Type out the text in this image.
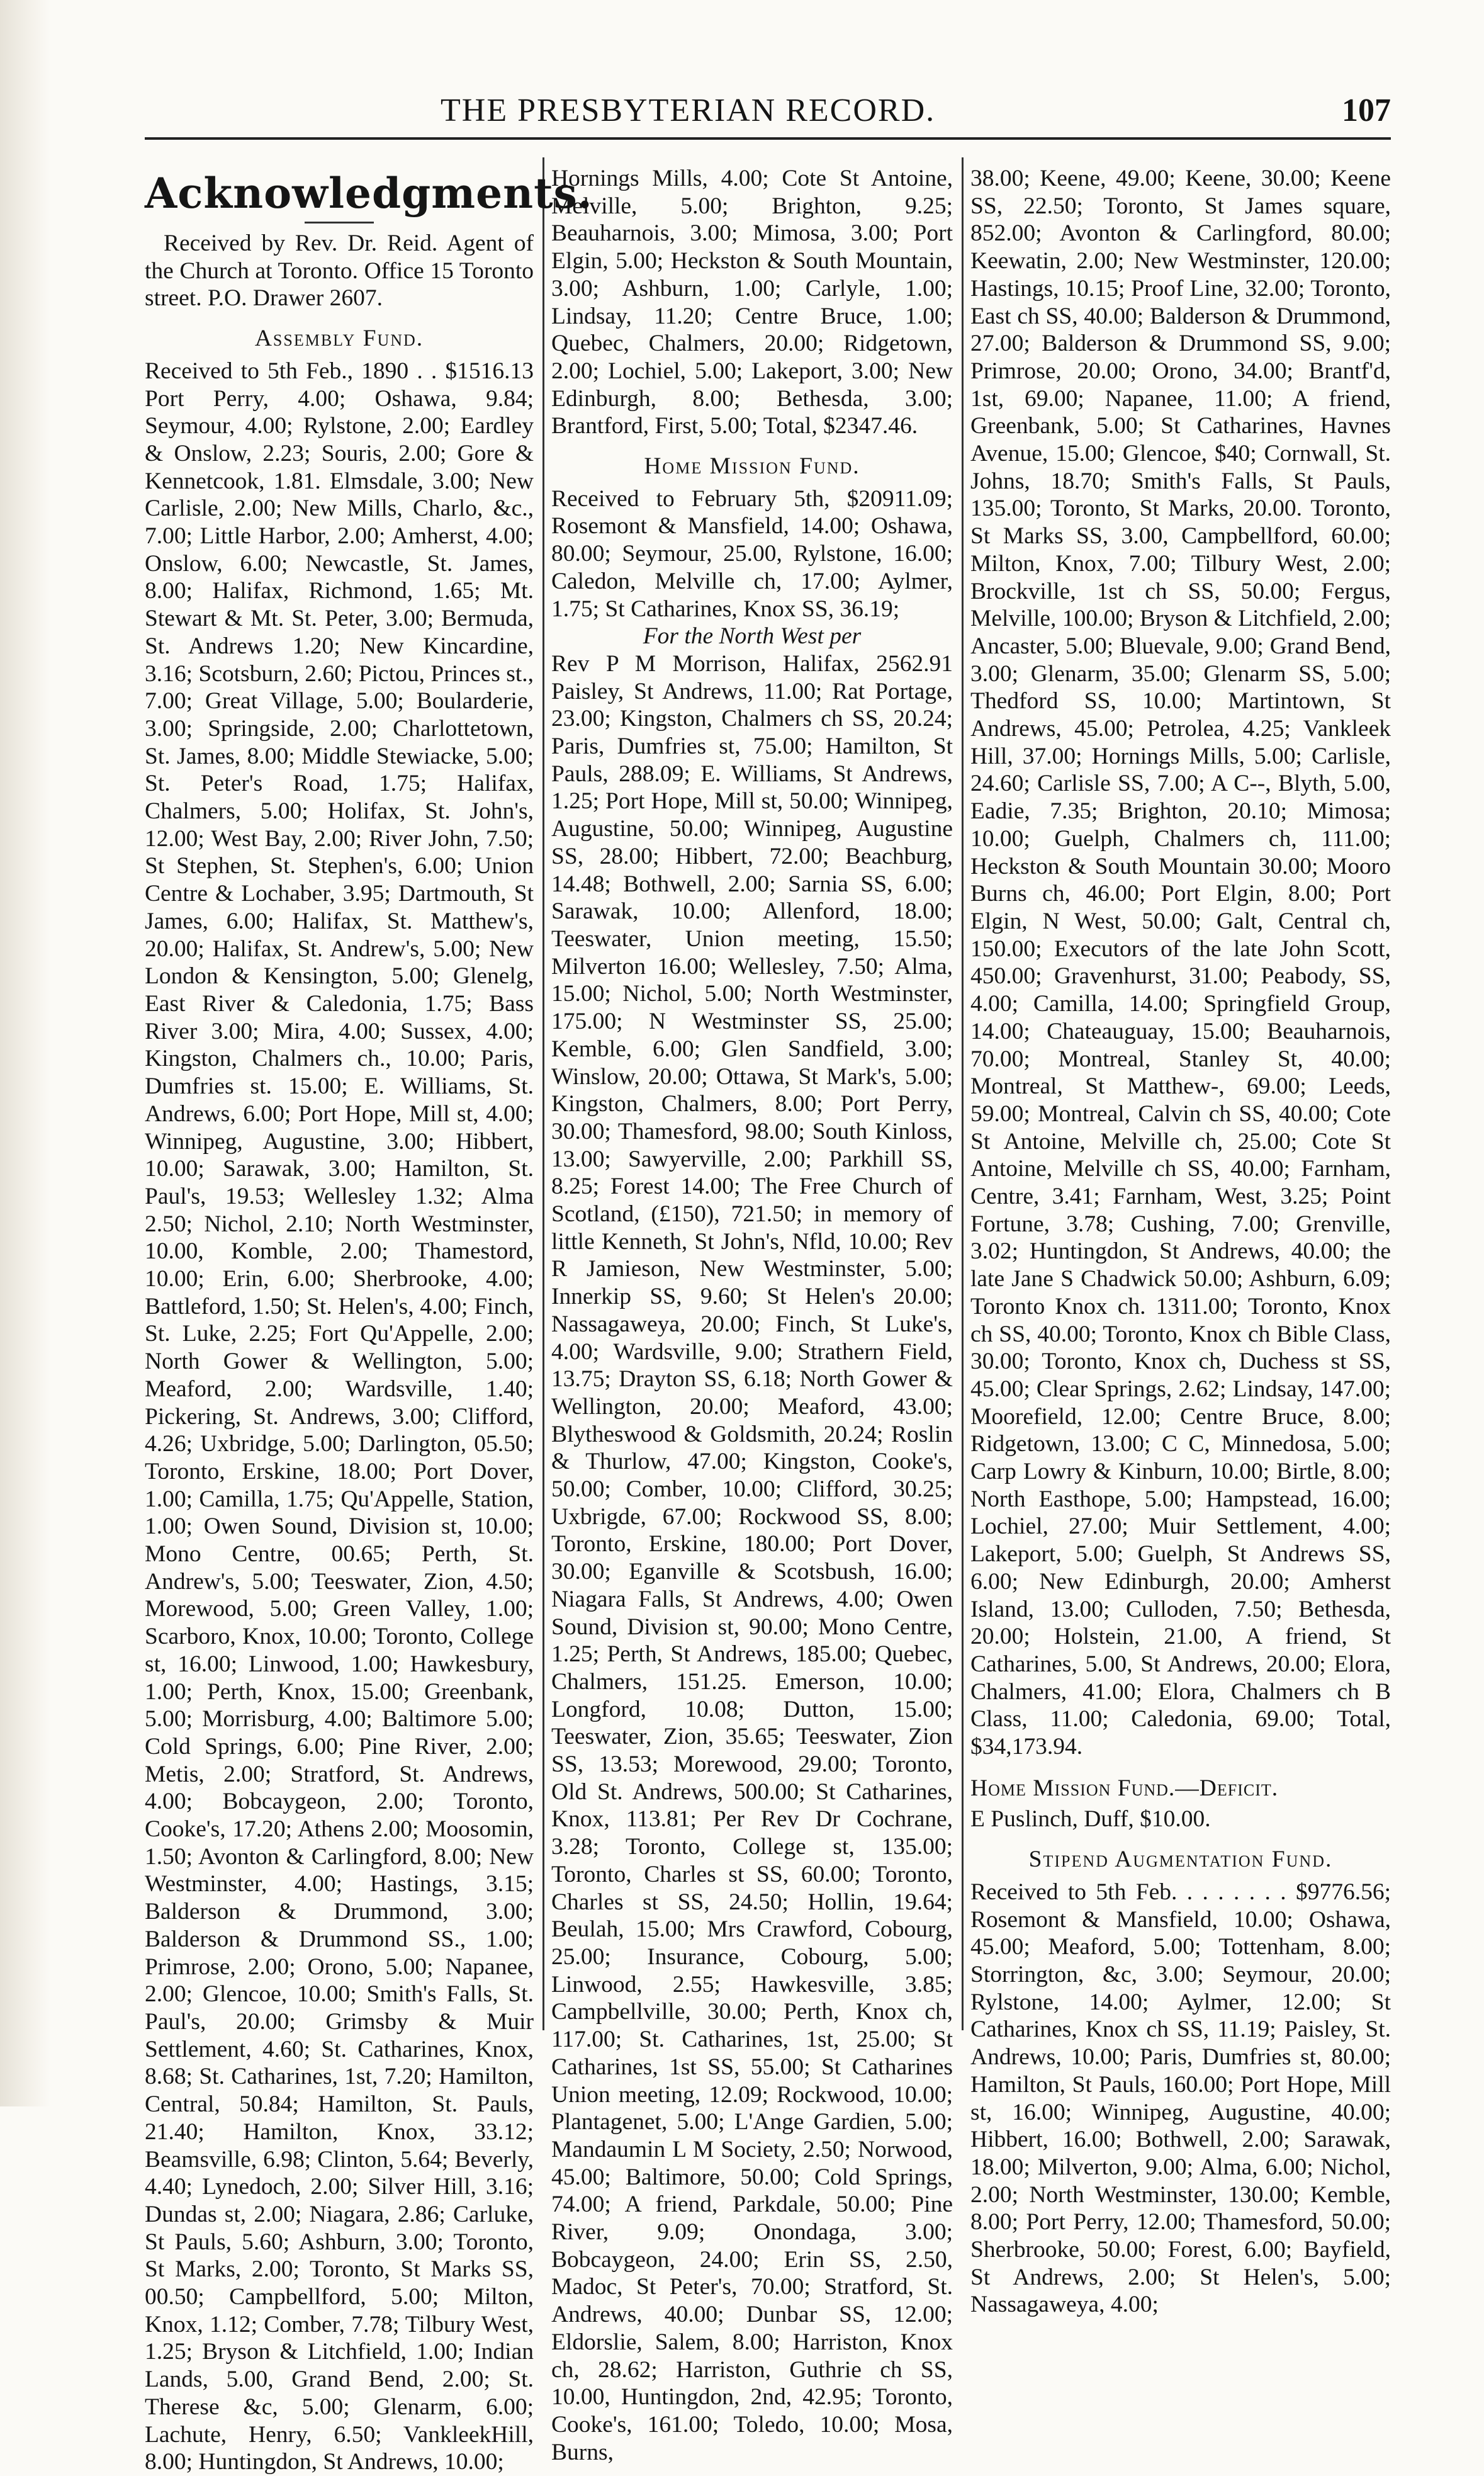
THE PRESBYTERIAN RECORD.	107

Acknowledgments.

Received by Rev. Dr. Reid. Agent of the Church at Toronto. Office 15 Toronto street. P.O. Drawer 2607.

Assembly Fund.

Received to 5th Feb., 1890 . . $1516.13 Port Perry, 4.00; Oshawa, 9.84; Seymour, 4.00; Rylstone, 2.00; Eardley & Onslow, 2.23; Souris, 2.00; Gore & Kennetcook, 1.81. Elmsdale, 3.00; New Carlisle, 2.00; New Mills, Charlo, &c., 7.00; Little Harbor, 2.00; Amherst, 4.00; Onslow, 6.00; Newcastle, St. James, 8.00; Halifax, Richmond, 1.65; Mt. Stewart & Mt. St. Peter, 3.00; Bermuda, St. Andrews 1.20; New Kincardine, 3.16; Scotsburn, 2.60; Pictou, Princes st., 7.00; Great Village, 5.00; Boularderie, 3.00; Springside, 2.00; Charlottetown, St. James, 8.00; Middle Stewiacke, 5.00; St. Peter's Road, 1.75; Halifax, Chalmers, 5.00; Holifax, St. John's, 12.00; West Bay, 2.00; River John, 7.50; St Stephen, St. Stephen's, 6.00; Union Centre & Lochaber, 3.95; Dartmouth, St James, 6.00; Halifax, St. Matthew's, 20.00; Halifax, St. Andrew's, 5.00; New London & Kensington, 5.00; Glenelg, East River & Caledonia, 1.75; Bass River 3.00; Mira, 4.00; Sussex, 4.00; Kingston, Chalmers ch., 10.00; Paris, Dumfries st. 15.00; E. Williams, St. Andrews, 6.00; Port Hope, Mill st, 4.00; Winnipeg, Augustine, 3.00; Hibbert, 10.00; Sarawak, 3.00; Hamilton, St. Paul's, 19.53; Wellesley 1.32; Alma 2.50; Nichol, 2.10; North Westminster, 10.00, Komble, 2.00; Thamestord, 10.00; Erin, 6.00; Sherbrooke, 4.00; Battleford, 1.50; St. Helen's, 4.00; Finch, St. Luke, 2.25; Fort Qu'Appelle, 2.00; North Gower & Wellington, 5.00; Meaford, 2.00; Wardsville, 1.40; Pickering, St. Andrews, 3.00; Clifford, 4.26; Uxbridge, 5.00; Darlington, 05.50; Toronto, Erskine, 18.00; Port Dover, 1.00; Camilla, 1.75; Qu'Appelle, Station, 1.00; Owen Sound, Division st, 10.00; Mono Centre, 00.65; Perth, St. Andrew's, 5.00; Teeswater, Zion, 4.50; Morewood, 5.00; Green Valley, 1.00; Scarboro, Knox, 10.00; Toronto, College st, 16.00; Linwood, 1.00; Hawkesbury, 1.00; Perth, Knox, 15.00; Greenbank, 5.00; Morrisburg, 4.00; Baltimore 5.00; Cold Springs, 6.00; Pine River, 2.00; Metis, 2.00; Stratford, St. Andrews, 4.00; Bobcaygeon, 2.00; Toronto, Cooke's, 17.20; Athens 2.00; Moosomin, 1.50; Avonton & Carlingford, 8.00; New Westminster, 4.00; Hastings, 3.15; Balderson & Drummond, 3.00; Balderson & Drummond SS., 1.00; Primrose, 2.00; Orono, 5.00; Napanee, 2.00; Glencoe, 10.00; Smith's Falls, St. Paul's, 20.00; Grimsby & Muir Settlement, 4.60; St. Catharines, Knox, 8.68; St. Catharines, 1st, 7.20; Hamilton, Central, 50.84; Hamilton, St. Pauls, 21.40; Hamilton, Knox, 33.12; Beamsville, 6.98; Clinton, 5.64; Beverly, 4.40; Lynedoch, 2.00; Silver Hill, 3.16; Dundas st, 2.00; Niagara, 2.86; Carluke, St Pauls, 5.60; Ashburn, 3.00; Toronto, St Marks, 2.00; Toronto, St Marks SS, 00.50; Campbellford, 5.00; Milton, Knox, 1.12; Comber, 7.78; Tilbury West, 1.25; Bryson & Litchfield, 1.00; Indian Lands, 5.00, Grand Bend, 2.00; St. Therese &c, 5.00; Glenarm, 6.00; Lachute, Henry, 6.50; VankleekHill, 8.00; Huntingdon, St Andrews, 10.00;

Hornings Mills, 4.00; Cote St Antoine, Melville, 5.00; Brighton, 9.25; Beauharnois, 3.00; Mimosa, 3.00; Port Elgin, 5.00; Heckston & South Mountain, 3.00; Ashburn, 1.00; Carlyle, 1.00; Lindsay, 11.20; Centre Bruce, 1.00; Quebec, Chalmers, 20.00; Ridgetown, 2.00; Lochiel, 5.00; Lakeport, 3.00; New Edinburgh, 8.00; Bethesda, 3.00; Brantford, First, 5.00; Total, $2347.46.

Home Mission Fund.

Received to February 5th, $20911.09; Rosemont & Mansfield, 14.00; Oshawa, 80.00; Seymour, 25.00, Rylstone, 16.00; Caledon, Melville ch, 17.00; Aylmer, 1.75; St Catharines, Knox SS, 36.19;

For the North West per

Rev P M Morrison, Halifax, 2562.91 Paisley, St Andrews, 11.00; Rat Portage, 23.00; Kingston, Chalmers ch SS, 20.24; Paris, Dumfries st, 75.00; Hamilton, St Pauls, 288.09; E. Williams, St Andrews, 1.25; Port Hope, Mill st, 50.00; Winnipeg, Augustine, 50.00; Winnipeg, Augustine SS, 28.00; Hibbert, 72.00; Beachburg, 14.48; Bothwell, 2.00; Sarnia SS, 6.00; Sarawak, 10.00; Allenford, 18.00; Teeswater, Union meeting, 15.50; Milverton 16.00; Wellesley, 7.50; Alma, 15.00; Nichol, 5.00; North Westminster, 175.00; N Westminster SS, 25.00; Kemble, 6.00; Glen Sandfield, 3.00; Winslow, 20.00; Ottawa, St Mark's, 5.00; Kingston, Chalmers, 8.00; Port Perry, 30.00; Thamesford, 98.00; South Kinloss, 13.00; Sawyerville, 2.00; Parkhill SS, 8.25; Forest 14.00; The Free Church of Scotland, (£150), 721.50; in memory of little Kenneth, St John's, Nfld, 10.00; Rev R Jamieson, New Westminster, 5.00; Innerkip SS, 9.60; St Helen's 20.00; Nassagaweya, 20.00; Finch, St Luke's, 4.00; Wardsville, 9.00; Strathern Field, 13.75; Drayton SS, 6.18; North Gower & Wellington, 20.00; Meaford, 43.00; Blytheswood & Goldsmith, 20.24; Roslin & Thurlow, 47.00; Kingston, Cooke's, 50.00; Comber, 10.00; Clifford, 30.25; Uxbrigde, 67.00; Rockwood SS, 8.00; Toronto, Erskine, 180.00; Port Dover, 30.00; Eganville & Scotsbush, 16.00; Niagara Falls, St Andrews, 4.00; Owen Sound, Division st, 90.00; Mono Centre, 1.25; Perth, St Andrews, 185.00; Quebec, Chalmers, 151.25. Emerson, 10.00; Longford, 10.08; Dutton, 15.00; Teeswater, Zion, 35.65; Teeswater, Zion SS, 13.53; Morewood, 29.00; Toronto, Old St. Andrews, 500.00; St Catharines, Knox, 113.81; Per Rev Dr Cochrane, 3.28; Toronto, College st, 135.00; Toronto, Charles st SS, 60.00; Toronto, Charles st SS, 24.50; Hollin, 19.64; Beulah, 15.00; Mrs Crawford, Cobourg, 25.00; Insurance, Cobourg, 5.00; Linwood, 2.55; Hawkesville, 3.85; Campbellville, 30.00; Perth, Knox ch, 117.00; St. Catharines, 1st, 25.00; St Catharines, 1st SS, 55.00; St Catharines Union meeting, 12.09; Rockwood, 10.00; Plantagenet, 5.00; L'Ange Gardien, 5.00; Mandaumin L M Society, 2.50; Norwood, 45.00; Baltimore, 50.00; Cold Springs, 74.00; A friend, Parkdale, 50.00; Pine River, 9.09; Onondaga, 3.00; Bobcaygeon, 24.00; Erin SS, 2.50, Madoc, St Peter's, 70.00; Stratford, St. Andrews, 40.00; Dunbar SS, 12.00; Eldorslie, Salem, 8.00; Harriston, Knox ch, 28.62; Harriston, Guthrie ch SS, 10.00, Huntingdon, 2nd, 42.95; Toronto, Cooke's, 161.00; Toledo, 10.00; Mosa, Burns,

38.00; Keene, 49.00; Keene, 30.00; Keene SS, 22.50; Toronto, St James square, 852.00; Avonton & Carlingford, 80.00; Keewatin, 2.00; New Westminster, 120.00; Hastings, 10.15; Proof Line, 32.00; Toronto, East ch SS, 40.00; Balderson & Drummond, 27.00; Balderson & Drummond SS, 9.00; Primrose, 20.00; Orono, 34.00; Brantf'd, 1st, 69.00; Napanee, 11.00; A friend, Greenbank, 5.00; St Catharines, Havnes Avenue, 15.00; Glencoe, $40; Cornwall, St. Johns, 18.70; Smith's Falls, St Pauls, 135.00; Toronto, St Marks, 20.00. Toronto, St Marks SS, 3.00, Campbellford, 60.00; Milton, Knox, 7.00; Tilbury West, 2.00; Brockville, 1st ch SS, 50.00; Fergus, Melville, 100.00; Bryson & Litchfield, 2.00; Ancaster, 5.00; Bluevale, 9.00; Grand Bend, 3.00; Glenarm, 35.00; Glenarm SS, 5.00; Thedford SS, 10.00; Martintown, St Andrews, 45.00; Petrolea, 4.25; Vankleek Hill, 37.00; Hornings Mills, 5.00; Carlisle, 24.60; Carlisle SS, 7.00; A C--, Blyth, 5.00, Eadie, 7.35; Brighton, 20.10; Mimosa; 10.00; Guelph, Chalmers ch, 111.00; Heckston & South Mountain 30.00; Mooro Burns ch, 46.00; Port Elgin, 8.00; Port Elgin, N West, 50.00; Galt, Central ch, 150.00; Executors of the late John Scott, 450.00; Gravenhurst, 31.00; Peabody, SS, 4.00; Camilla, 14.00; Springfield Group, 14.00; Chateauguay, 15.00; Beauharnois, 70.00; Montreal, Stanley St, 40.00; Montreal, St Matthew-, 69.00; Leeds, 59.00; Montreal, Calvin ch SS, 40.00; Cote St Antoine, Melville ch, 25.00; Cote St Antoine, Melville ch SS, 40.00; Farnham, Centre, 3.41; Farnham, West, 3.25; Point Fortune, 3.78; Cushing, 7.00; Grenville, 3.02; Huntingdon, St Andrews, 40.00; the late Jane S Chadwick 50.00; Ashburn, 6.09; Toronto Knox ch. 1311.00; Toronto, Knox ch SS, 40.00; Toronto, Knox ch Bible Class, 30.00; Toronto, Knox ch, Duchess st SS, 45.00; Clear Springs, 2.62; Lindsay, 147.00; Moorefield, 12.00; Centre Bruce, 8.00; Ridgetown, 13.00; C C, Minnedosa, 5.00; Carp Lowry & Kinburn, 10.00; Birtle, 8.00; North Easthope, 5.00; Hampstead, 16.00; Lochiel, 27.00; Muir Settlement, 4.00; Lakeport, 5.00; Guelph, St Andrews SS, 6.00; New Edinburgh, 20.00; Amherst Island, 13.00; Culloden, 7.50; Bethesda, 20.00; Holstein, 21.00, A friend, St Catharines, 5.00, St Andrews, 20.00; Elora, Chalmers, 41.00; Elora, Chalmers ch B Class, 11.00; Caledonia, 69.00; Total, $34,173.94.

Home Mission Fund.—Deficit.

E Puslinch, Duff, $10.00.

Stipend Augmentation Fund.

Received to 5th Feb. . . . . . . . $9776.56; Rosemont & Mansfield, 10.00; Oshawa, 45.00; Meaford, 5.00; Tottenham, 8.00; Storrington, &c, 3.00; Seymour, 20.00; Rylstone, 14.00; Aylmer, 12.00; St Catharines, Knox ch SS, 11.19; Paisley, St. Andrews, 10.00; Paris, Dumfries st, 80.00; Hamilton, St Pauls, 160.00; Port Hope, Mill st, 16.00; Winnipeg, Augustine, 40.00; Hibbert, 16.00; Bothwell, 2.00; Sarawak, 18.00; Milverton, 9.00; Alma, 6.00; Nichol, 2.00; North Westminster, 130.00; Kemble, 8.00; Port Perry, 12.00; Thamesford, 50.00; Sherbrooke, 50.00; Forest, 6.00; Bayfield, St Andrews, 2.00; St Helen's, 5.00; Nassagaweya, 4.00;
